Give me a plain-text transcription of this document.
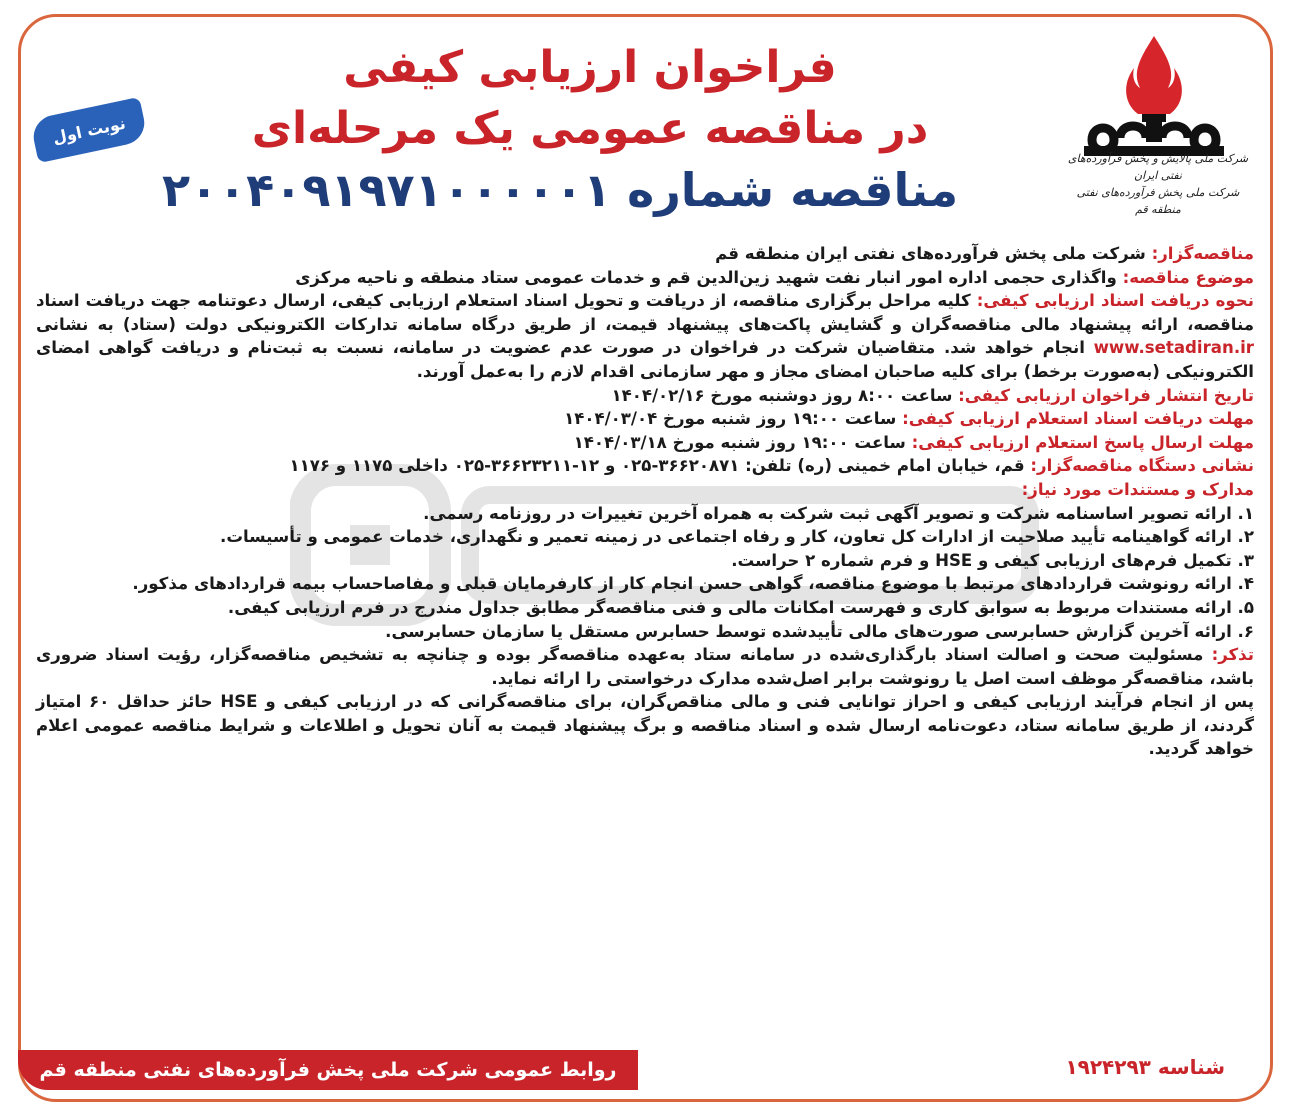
شرکت ملی پالایش و پخش فرآورده‌های نفتی ایران
شرکت ملی پخش فرآورده‌های نفتی
منطقه قم
فراخوان ارزیابی کیفی
در مناقصه عمومی یک مرحله‌ای
مناقصه شماره ۲۰۰۴۰۹۱۹۷۱۰۰۰۰۰۱
نوبت اول
مناقصه‌گزار: شرکت ملی پخش فرآورده‌های نفتی ایران منطقه قم
موضوع مناقصه: واگذاری حجمی اداره امور انبار نفت شهید زین‌الدین قم و خدمات عمومی ستاد منطقه و ناحیه مرکزی
نحوه دریافت اسناد ارزیابی کیفی: کلیه مراحل برگزاری مناقصه، از دریافت و تحویل اسناد استعلام ارزیابی کیفی، ارسال دعوتنامه جهت دریافت اسناد مناقصه، ارائه پیشنهاد مالی مناقصه‌گران و گشایش پاکت‌های پیشنهاد قیمت، از طریق درگاه سامانه تدارکات الکترونیکی دولت (ستاد) به نشانی www.setadiran.ir انجام خواهد شد. متقاضیان شرکت در فراخوان در صورت عدم عضویت در سامانه، نسبت به ثبت‌نام و دریافت گواهی امضای الکترونیکی (به‌صورت برخط) برای کلیه صاحبان امضای مجاز و مهر سازمانی اقدام لازم را به‌عمل آورند.
تاریخ انتشار فراخوان ارزیابی کیفی: ساعت ۸:۰۰ روز دوشنبه مورخ ۱۴۰۴/۰۲/۱۶
مهلت دریافت اسناد استعلام ارزیابی کیفی: ساعت ۱۹:۰۰ روز شنبه مورخ ۱۴۰۴/۰۳/۰۴
مهلت ارسال پاسخ استعلام ارزیابی کیفی: ساعت ۱۹:۰۰ روز شنبه مورخ ۱۴۰۴/۰۳/۱۸
نشانی دستگاه مناقصه‌گزار: قم، خیابان امام خمینی (ره) تلفن: ۳۶۶۲۰۸۷۱-۰۲۵ و ۱۲-۳۶۶۲۳۲۱۱-۰۲۵ داخلی ۱۱۷۵ و ۱۱۷۶
مدارک و مستندات مورد نیاز:
۱. ارائه تصویر اساسنامه شرکت و تصویر آگهی ثبت شرکت به همراه آخرین تغییرات در روزنامه رسمی.
۲. ارائه گواهینامه تأیید صلاحیت از ادارات کل تعاون، کار و رفاه اجتماعی در زمینه تعمیر و نگهداری، خدمات عمومی و تأسیسات.
۳. تکمیل فرم‌های ارزیابی کیفی و HSE و فرم شماره ۲ حراست.
۴. ارائه رونوشت قراردادهای مرتبط با موضوع مناقصه، گواهی حسن انجام کار از کارفرمایان قبلی و مفاصاحساب بیمه قراردادهای مذکور.
۵. ارائه مستندات مربوط به سوابق کاری و فهرست امکانات مالی و فنی مناقصه‌گر مطابق جداول مندرج در فرم ارزیابی کیفی.
۶. ارائه آخرین گزارش حسابرسی صورت‌های مالی تأییدشده توسط حسابرس مستقل یا سازمان حسابرسی.
تذکر: مسئولیت صحت و اصالت اسناد بارگذاری‌شده در سامانه ستاد به‌عهده مناقصه‌گر بوده و چنانچه به تشخیص مناقصه‌گزار، رؤیت اسناد ضروری باشد، مناقصه‌گر موظف است اصل یا رونوشت برابر اصل‌شده مدارک درخواستی را ارائه نماید.
پس از انجام فرآیند ارزیابی کیفی و احراز توانایی فنی و مالی مناقص‌گران، برای مناقصه‌گرانی که در ارزیابی کیفی و HSE حائز حداقل ۶۰ امتیاز گردند، از طریق سامانه ستاد، دعوت‌نامه ارسال شده و اسناد مناقصه و برگ پیشنهاد قیمت به آنان تحویل و اطلاعات و شرایط مناقصه عمومی اعلام خواهد گردید.
شناسه ۱۹۲۴۲۹۳
روابط عمومی شرکت ملی پخش فرآورده‌های نفتی منطقه قم
